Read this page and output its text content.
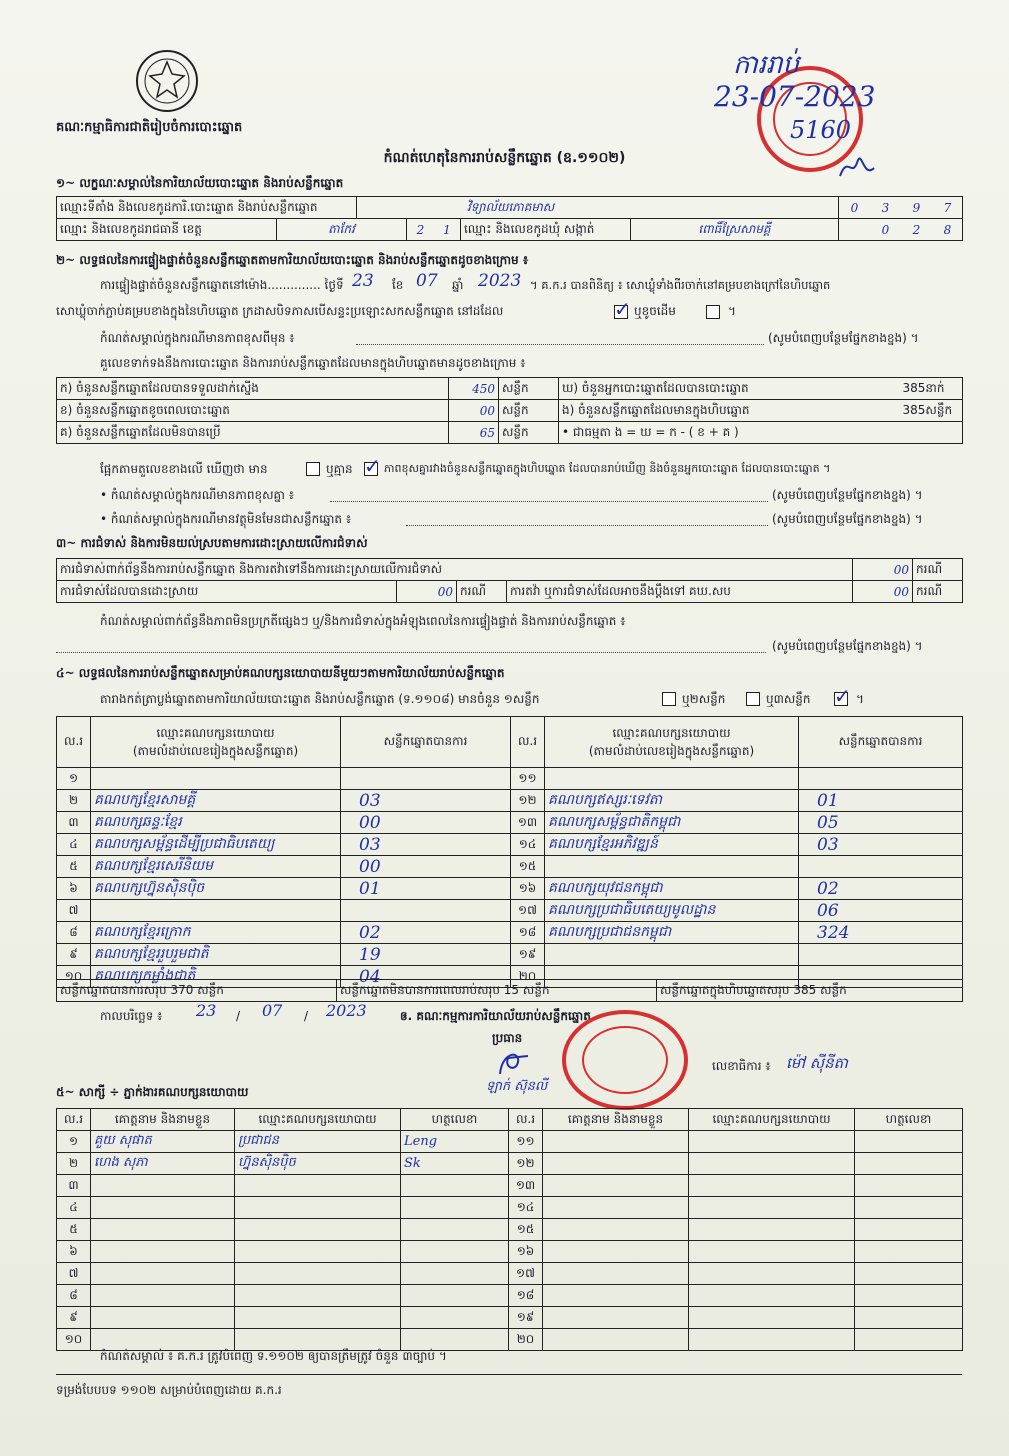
គណៈកម្មាធិការជាតិរៀបចំការបោះឆ្នោត
ការរាប់
23-07-2023
5160
កំណត់ហេតុនៃការរាប់សន្លឹកឆ្នោត (ឧ.១១០២)
១~ លក្ខណៈសម្គាល់នៃការិយាល័យបោះឆ្នោត និងរាប់សន្លឹកឆ្នោត
ឈ្មោះទីតាំង និងលេខកូដការិ.បោះឆ្នោត និងរាប់សន្លឹកឆ្នោត	វិទ្យាល័យភោគមាស	0 3 9 7
ឈ្មោះ និងលេខកូដរាជធានី ខេត្ត	តាកែវ	2 1	ឈ្មោះ និងលេខកូដឃុំ សង្កាត់	ពោធិ៍ស្រែសាមគ្គី	0 2 8
២~ លទ្ធផលនៃការផ្ទៀងផ្ទាត់ចំនួនសន្លឹកឆ្នោតតាមការិយាល័យបោះឆ្នោត និងរាប់សន្លឹកឆ្នោតដូចខាងក្រោម ៖
ការផ្ទៀងផ្ទាត់ចំនួនសន្លឹកឆ្នោតនៅម៉ោង.............. ថ្ងៃទី 23 ខែ 07 ឆ្នាំ 2023 ។ គ.ក.រ បានពិនិត្យ ៖ សោឃ្លុំទាំងពីរចាក់នៅគម្របខាងក្រៅនៃហិបឆ្នោត
សោឃ្លុំចាក់ភ្ជាប់គម្របខាងក្នុងនៃហិបឆ្នោត ក្រដាសបិទភាសបើសន្ទះប្រឡោះសកសន្លឹកឆ្នោត នៅដដែល	✓ ឬខូចដើម	។
កំណត់សម្គាល់ក្នុងករណីមានភាពខុសពីមុន ៖	(សូមបំពេញបន្ថែមផ្នែកខាងខ្នង) ។
គួលេខទាក់ទងនឹងការបោះឆ្នោត និងការរាប់សន្លឹកឆ្នោតដែលមានក្នុងហិបឆ្នោតមានដូចខាងក្រោម ៖
ក) ចំនួនសន្លឹកឆ្នោតដែលបានទទួលដាក់ស្នើង	450	សន្លឹក	ឃ) ចំនួនអ្នកបោះឆ្នោតដែលបានបោះឆ្នោត	385នាក់
ខ) ចំនួនសន្លឹកឆ្នោតខូចពេលបោះឆ្នោត	00	សន្លឹក	ង) ចំនួនសន្លឹកឆ្នោតដែលមានក្នុងហិបឆ្នោត	385សន្លឹក
គ) ចំនួនសន្លឹកឆ្នោតដែលមិនបានប្រើ	65	សន្លឹក	• ជាធម្មតា ង = ឃ = ក - ( ខ + គ )	
ផ្អែកតាមតួលេខខាងលើ ឃើញថា មាន	ឬគ្មាន ✓ ភាពខុសគ្នារវាងចំនួនសន្លឹកឆ្នោតក្នុងហិបឆ្នោត ដែលបានរាប់ឃើញ និងចំនួនអ្នកបោះឆ្នោត ដែលបានបោះឆ្នោត ។
• កំណត់សម្គាល់ក្នុងករណីមានភាពខុសគ្នា ៖	(សូមបំពេញបន្ថែមផ្នែកខាងខ្នង) ។
• កំណត់សម្គាល់ក្នុងករណីមានវត្ថុមិនមែនជាសន្លឹកឆ្នោត ៖	(សូមបំពេញបន្ថែមផ្នែកខាងខ្នង) ។
៣~ ការជំទាស់ និងការមិនយល់ស្របតាមការដោះស្រាយលើការជំទាស់
ការជំទាស់ពាក់ព័ន្ធនឹងការរាប់សន្លឹកឆ្នោត និងការតវ៉ាទៅនឹងការដោះស្រាយលើការជំទាស់				00	ករណី
ការជំទាស់ដែលបានដោះស្រាយ	00	ករណី	ការតវ៉ា ឬការជំទាស់ដែលអាចនឹងប្តឹងទៅ គឃ.សប	00	ករណី
កំណត់សម្គាល់ពាក់ព័ន្ធនឹងភាពមិនប្រក្រតីផ្សេងៗ ឬ/និងការជំទាស់ក្នុងអំឡុងពេលនៃការផ្ទៀងផ្ទាត់ និងការរាប់សន្លឹកឆ្នោត ៖
(សូមបំពេញបន្ថែមផ្នែកខាងខ្នង) ។
៤~ លទ្ធផលនៃការរាប់សន្លឹកឆ្នោតសម្រាប់គណបក្សនយោបាយនីមួយៗតាមការិយាល័យរាប់សន្លឹកឆ្នោត
តារាងកត់ត្រាប្លង់ឆ្នោតតាមការិយាល័យបោះឆ្នោត និងរាប់សន្លឹកឆ្នោត (ទ.១១០៨) មានចំនួន ១សន្លឹក	ឬ២សន្លឹក	ឬ៣សន្លឹក ✓ ។
ល.រ	ឈ្មោះគណបក្សនយោបាយ
(តាមលំដាប់លេខរៀងក្នុងសន្លឹកឆ្នោត)	សន្លឹកឆ្នោតបានការ
១		
២	គណបក្សខ្មែរសាមគ្គី	03
៣	គណបក្សឆន្ទៈខ្មែរ	00
៤	គណបក្សសម្ព័ន្ធដើម្បីប្រជាធិបតេយ្យ	03
៥	គណបក្សខ្មែរសេរីនិយម	00
៦	គណបក្សហ្វ៊ុនស៊ិនប៉ិច	01
៧		
៨	គណបក្សខ្មែរក្រោក	02
៩	គណបក្សខ្មែររួបរួមជាតិ	19
១០	គណបក្សកម្លាំងជាតិ	04
ល.រ	ឈ្មោះគណបក្សនយោបាយ
(តាមលំដាប់លេខរៀងក្នុងសន្លឹកឆ្នោត)	សន្លឹកឆ្នោតបានការ
១១		
១២	គណបក្សឥស្សរៈទេវតា	01
១៣	គណបក្សសម្ព័ន្ធជាតិកម្ពុជា	05
១៤	គណបក្សខ្មែរអភិវឌ្ឍន៍	03
១៥		
១៦	គណបក្សយុវជនកម្ពុជា	02
១៧	គណបក្សប្រជាធិបតេយ្យមូលដ្ឋាន	06
១៨	គណបក្សប្រជាជនកម្ពុជា	324
១៩		
២០		
សន្លឹកឆ្នោតបានការសរុប 370 សន្លឹក	សន្លឹកឆ្នោតមិនបានការពេលរាប់សរុប 15 សន្លឹក	សន្លឹកឆ្នោតក្នុងហិបឆ្នោតសរុប 385 សន្លឹក
កាលបរិច្ឆេទ ៖ 23 / 07 / 2023	ឲ. គណៈកម្មការការិយាល័យរាប់សន្លឹកឆ្នោត
ប្រធាន
ឡាក់ ស៊ុនលី
លេខាធិការ ៖ ម៉ៅ ស៊ីនីតា
៥~ សាក្សី ÷ ភ្នាក់ងារគណបក្សនយោបាយ
ល.រ	គោត្តនាម និងនាមខ្លួន	ឈ្មោះគណបក្សនយោបាយ	ហត្ថលេខា
១	គួយ សុផាត	ប្រជាជន	Leng
២	ហេង សុភា	ហ្វ៊ុនស៊ិនប៉ិច	Sk
៣			
៤			
៥			
៦			
៧			
៨			
៩			
១០			
ល.រ	គោត្តនាម និងនាមខ្លួន	ឈ្មោះគណបក្សនយោបាយ	ហត្ថលេខា
១១			
១២			
១៣			
១៤			
១៥			
១៦			
១៧			
១៨			
១៩			
២០			
កំណត់សម្គាល់ ៖ គ.ក.រ ត្រូវបំពេញ ទ.១១០២ ឲ្យបានត្រឹមត្រូវ ចំនួន ៣ច្បាប់ ។
ទម្រង់បែបបទ ១១០២ សម្រាប់បំពេញដោយ គ.ក.រ
